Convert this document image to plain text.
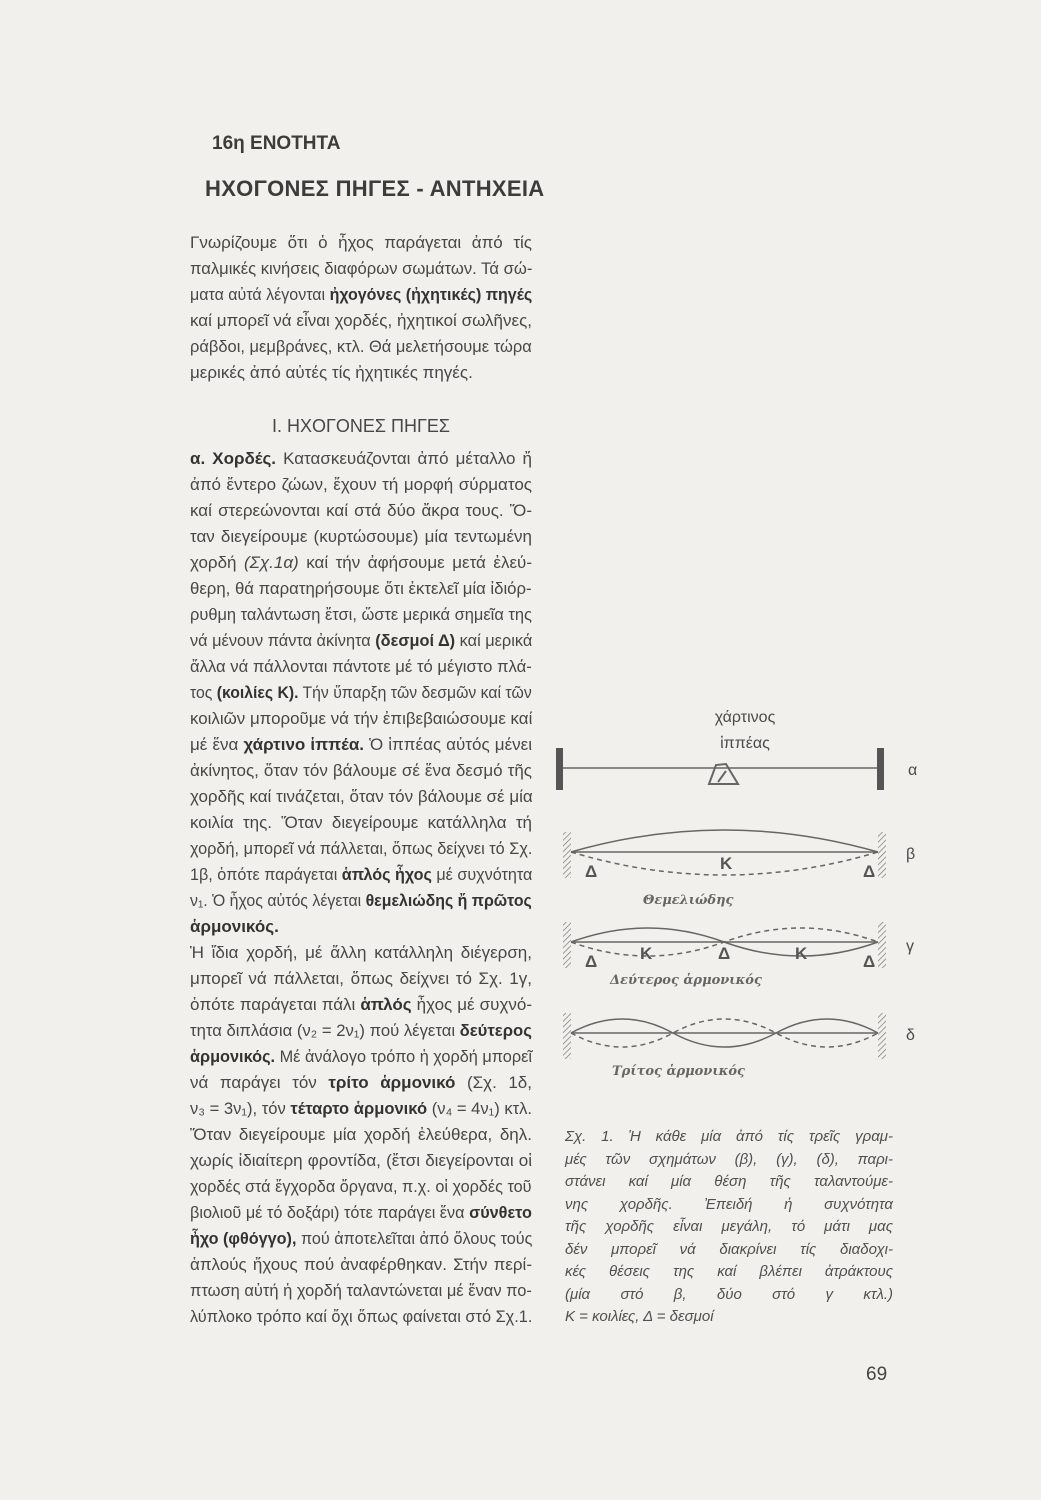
16η ΕΝΟΤΗΤΑ
ΗΧΟΓΟΝΕΣ ΠΗΓΕΣ - ΑΝΤΗΧΕΙΑ
Γνωρίζουμε ὅτι ὁ ἦχος παράγεται ἀπό τίς
παλμικές κινήσεις διαφόρων σωμάτων. Τά σώ-
ματα αὐτά λέγονται ἠχογόνες (ἠχητικές) πηγές
καί μπορεῖ νά εἶναι χορδές, ἠχητικοί σωλῆνες,
ράβδοι, μεμβράνες, κτλ. Θά μελετήσουμε τώρα
μερικές ἀπό αὐτές τίς ἠχητικές πηγές.
Ι. ΗΧΟΓΟΝΕΣ ΠΗΓΕΣ
α. Χορδές. Κατασκευάζονται ἀπό μέταλλο ἤ
ἀπό ἔντερο ζώων, ἔχουν τή μορφή σύρματος
καί στερεώνονται καί στά δύο ἄκρα τους. Ὅ-
ταν διεγείρουμε (κυρτώσουμε) μία τεντωμένη
χορδή (Σχ.1α) καί τήν ἀφήσουμε μετά ἐλεύ-
θερη, θά παρατηρήσουμε ὅτι ἐκτελεῖ μία ἰδιόρ-
ρυθμη ταλάντωση ἔτσι, ὥστε μερικά σημεῖα της
νά μένουν πάντα ἀκίνητα (δεσμοί Δ) καί μερικά
ἄλλα νά πάλλονται πάντοτε μέ τό μέγιστο πλά-
τος (κοιλίες Κ). Τήν ὕπαρξη τῶν δεσμῶν καί τῶν
κοιλιῶν μποροῦμε νά τήν ἐπιβεβαιώσουμε καί
μέ ἕνα χάρτινο ἱππέα. Ὁ ἱππέας αὐτός μένει
ἀκίνητος, ὅταν τόν βάλουμε σέ ἕνα δεσμό τῆς
χορδῆς καί τινάζεται, ὅταν τόν βάλουμε σέ μία
κοιλία της. Ὅταν διεγείρουμε κατάλληλα τή
χορδή, μπορεῖ νά πάλλεται, ὅπως δείχνει τό Σχ.
1β, ὁπότε παράγεται ἁπλός ἦχος μέ συχνότητα
ν₁. Ὁ ἦχος αὐτός λέγεται θεμελιώδης ἤ πρῶτος
ἁρμονικός.
Ἡ ἴδια χορδή, μέ ἄλλη κατάλληλη διέγερση,
μπορεῖ νά πάλλεται, ὅπως δείχνει τό Σχ. 1γ,
ὁπότε παράγεται πάλι ἁπλός ἦχος μέ συχνό-
τητα διπλάσια (ν₂ = 2ν₁) πού λέγεται δεύτερος
ἁρμονικός. Μέ ἀνάλογο τρόπο ἡ χορδή μπορεῖ
νά παράγει τόν τρίτο ἁρμονικό (Σχ. 1δ,
ν₃ = 3ν₁), τόν τέταρτο ἁρμονικό (ν₄ = 4ν₁) κτλ.
Ὅταν διεγείρουμε μία χορδή ἐλεύθερα, δηλ.
χωρίς ἰδιαίτερη φροντίδα, (ἔτσι διεγείρονται οἱ
χορδές στά ἔγχορδα ὄργανα, π.χ. οἱ χορδές τοῦ
βιολιοῦ μέ τό δοξάρι) τότε παράγει ἕνα σύνθετο
ἦχο (φθόγγο), πού ἀποτελεῖται ἀπό ὅλους τούς
ἁπλούς ἤχους πού ἀναφέρθηκαν. Στήν περί-
πτωση αὐτή ἡ χορδή ταλαντώνεται μέ ἕναν πο-
λύπλοκο τρόπο καί ὄχι ὅπως φαίνεται στό Σχ.1.
χάρτινος
ἱππέας
α
β
γ
δ
Δ	Κ	Δ
Θεμελιώδης
Δ	Κ	Δ	Κ	Δ
Δεύτερος ἁρμονικός
Τρίτος ἁρμονικός
Σχ. 1. Ἡ κάθε μία ἀπό τίς τρεῖς γραμ-
μές τῶν σχημάτων (β), (γ), (δ), παρι-
στάνει καί μία θέση τῆς ταλαντούμε-
νης χορδῆς. Ἐπειδή ἡ συχνότητα
τῆς χορδῆς εἶναι μεγάλη, τό μάτι μας
δέν μπορεῖ νά διακρίνει τίς διαδοχι-
κές θέσεις της καί βλέπει ἀτράκτους
(μία στό β, δύο στό γ κτλ.)
Κ = κοιλίες, Δ = δεσμοί
69
